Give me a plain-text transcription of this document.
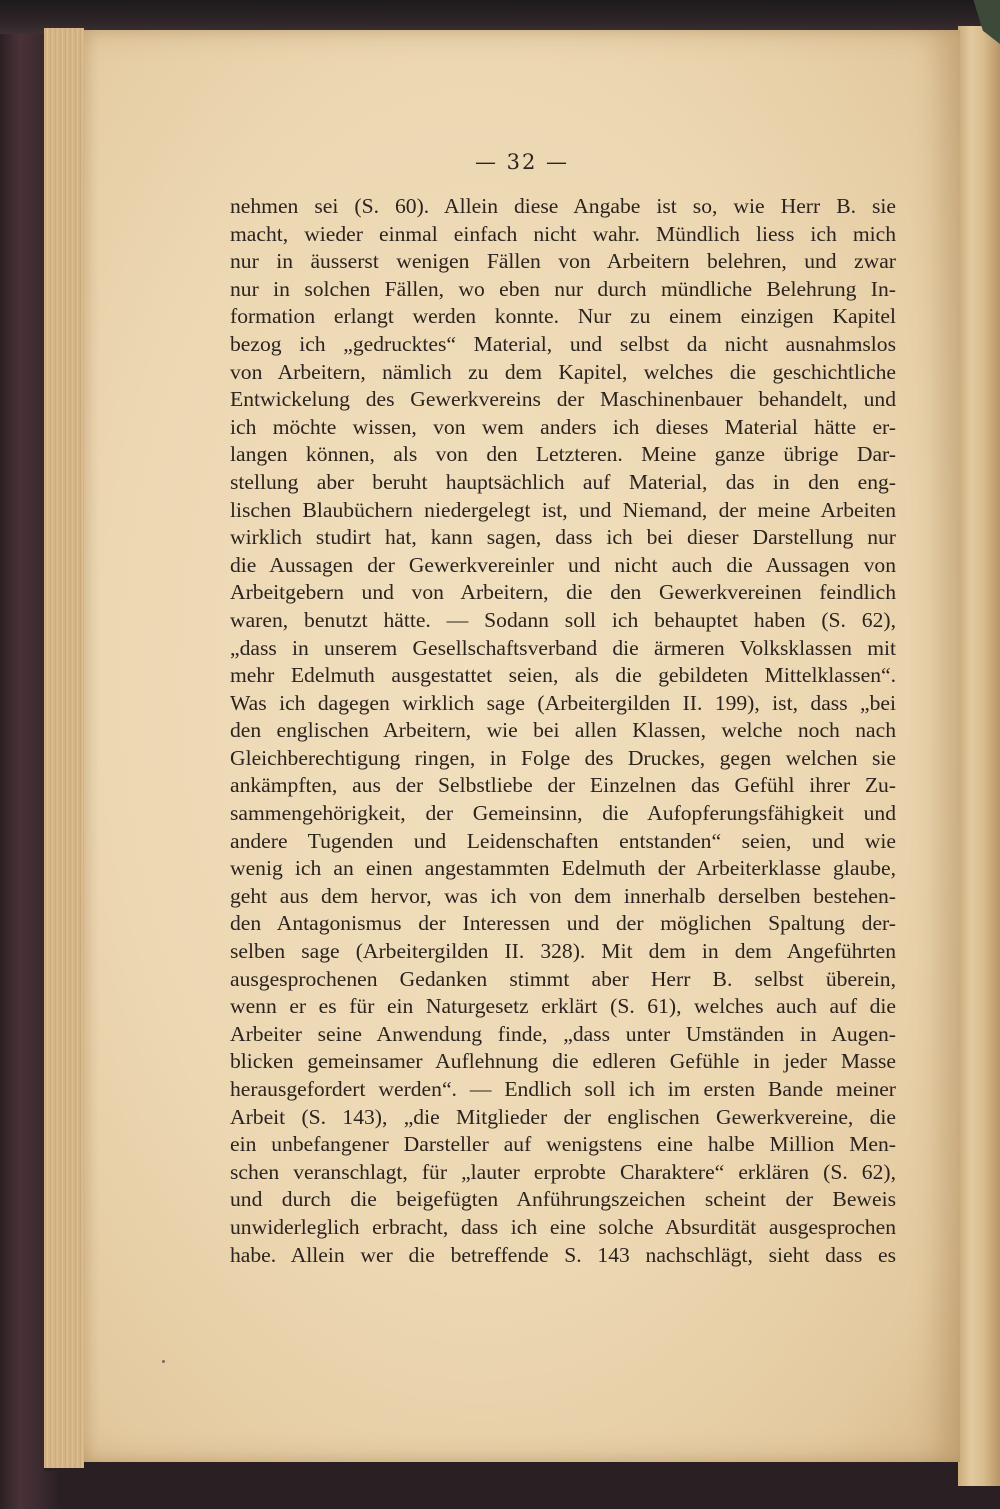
— 32 —
nehmen sei (S. 60). Allein diese Angabe ist so, wie Herr B. sie
macht, wieder einmal einfach nicht wahr. Mündlich liess ich mich
nur in äusserst wenigen Fällen von Arbeitern belehren, und zwar
nur in solchen Fällen, wo eben nur durch mündliche Belehrung In-
formation erlangt werden konnte. Nur zu einem einzigen Kapitel
bezog ich „gedrucktes“ Material, und selbst da nicht ausnahmslos
von Arbeitern, nämlich zu dem Kapitel, welches die geschichtliche
Entwickelung des Gewerkvereins der Maschinenbauer behandelt, und
ich möchte wissen, von wem anders ich dieses Material hätte er-
langen können, als von den Letzteren. Meine ganze übrige Dar-
stellung aber beruht hauptsächlich auf Material, das in den eng-
lischen Blaubüchern niedergelegt ist, und Niemand, der meine Arbeiten
wirklich studirt hat, kann sagen, dass ich bei dieser Darstellung nur
die Aussagen der Gewerkvereinler und nicht auch die Aussagen von
Arbeitgebern und von Arbeitern, die den Gewerkvereinen feindlich
waren, benutzt hätte. — Sodann soll ich behauptet haben (S. 62),
„dass in unserem Gesellschaftsverband die ärmeren Volksklassen mit
mehr Edelmuth ausgestattet seien, als die gebildeten Mittelklassen“.
Was ich dagegen wirklich sage (Arbeitergilden II. 199), ist, dass „bei
den englischen Arbeitern, wie bei allen Klassen, welche noch nach
Gleichberechtigung ringen, in Folge des Druckes, gegen welchen sie
ankämpften, aus der Selbstliebe der Einzelnen das Gefühl ihrer Zu-
sammengehörigkeit, der Gemeinsinn, die Aufopferungsfähigkeit und
andere Tugenden und Leidenschaften entstanden“ seien, und wie
wenig ich an einen angestammten Edelmuth der Arbeiterklasse glaube,
geht aus dem hervor, was ich von dem innerhalb derselben bestehen-
den Antagonismus der Interessen und der möglichen Spaltung der-
selben sage (Arbeitergilden II. 328). Mit dem in dem Angeführten
ausgesprochenen Gedanken stimmt aber Herr B. selbst überein,
wenn er es für ein Naturgesetz erklärt (S. 61), welches auch auf die
Arbeiter seine Anwendung finde, „dass unter Umständen in Augen-
blicken gemeinsamer Auflehnung die edleren Gefühle in jeder Masse
herausgefordert werden“. — Endlich soll ich im ersten Bande meiner
Arbeit (S. 143), „die Mitglieder der englischen Gewerkvereine, die
ein unbefangener Darsteller auf wenigstens eine halbe Million Men-
schen veranschlagt, für „lauter erprobte Charaktere“ erklären (S. 62),
und durch die beigefügten Anführungszeichen scheint der Beweis
unwiderleglich erbracht, dass ich eine solche Absurdität ausgesprochen
habe. Allein wer die betreffende S. 143 nachschlägt, sieht dass es
